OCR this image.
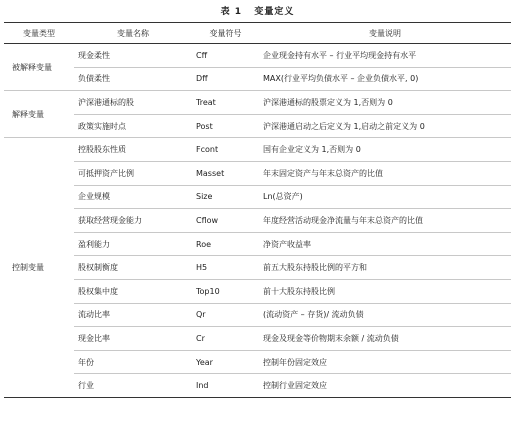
表 1   变量定义
变量类型	变量名称	变量符号	变量说明
被解释变量	现金柔性	Cff	企业现金持有水平 – 行业平均现金持有水平
	负债柔性	Dff	MAX(行业平均负债水平 – 企业负债水平, 0)
解释变量	沪深港通标的股	Treat	沪深港通标的股票定义为 1,否则为 0
	政策实施时点	Post	沪深港通启动之后定义为 1,启动之前定义为 0
控制变量	控股股东性质	Fcont	国有企业定义为 1,否则为 0
	可抵押资产比例	Masset	年末固定资产与年末总资产的比值
	企业规模	Size	Ln(总资产)
	获取经营现金能力	Cflow	年度经营活动现金净流量与年末总资产的比值
	盈利能力	Roe	净资产收益率
	股权制衡度	H5	前五大股东持股比例的平方和
	股权集中度	Top10	前十大股东持股比例
	流动比率	Qr	(流动资产 – 存货)/ 流动负债
	现金比率	Cr	现金及现金等价物期末余额 / 流动负债
	年份	Year	控制年份固定效应
	行业	Ind	控制行业固定效应
